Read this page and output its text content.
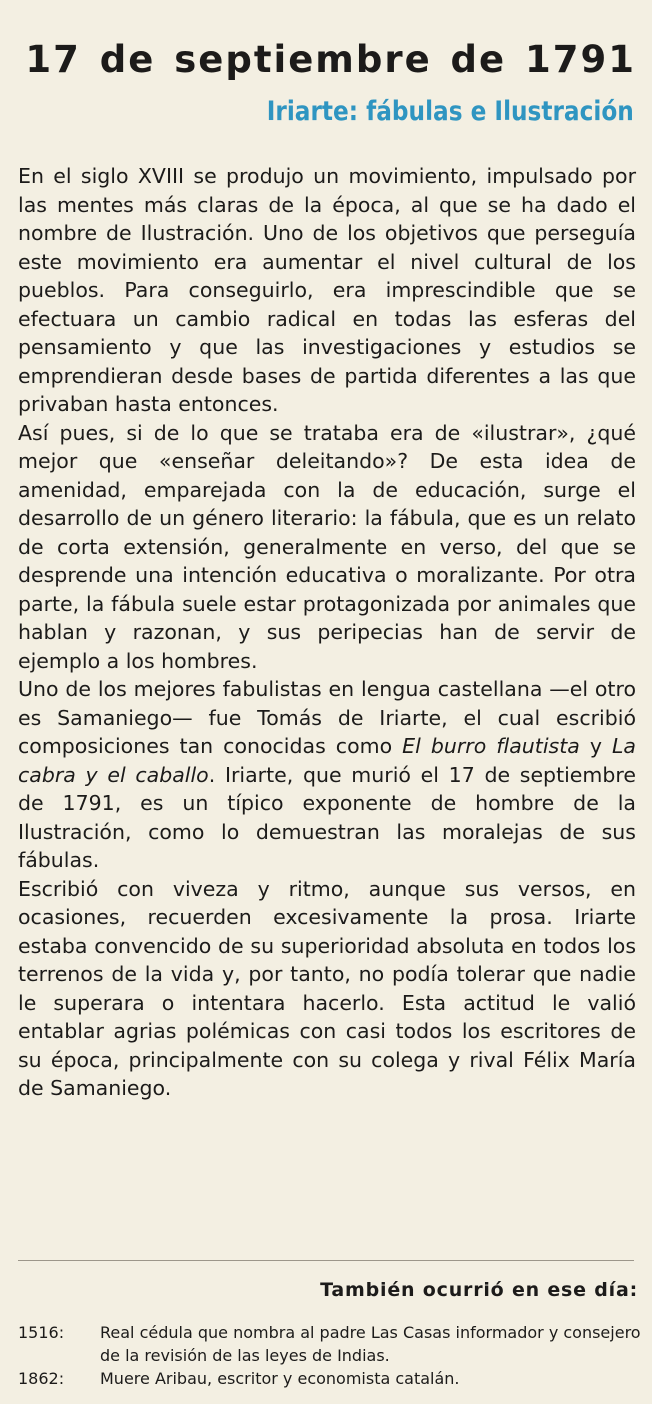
17 de septiembre de 1791
Iriarte: fábulas e Ilustración

En el siglo XVIII se produjo un movimiento, impulsado por las mentes más claras de la época, al que se ha dado el nombre de Ilustración. Uno de los objetivos que perseguía este movimiento era aumentar el nivel cultural de los pueblos. Para conseguirlo, era imprescindible que se efectuara un cambio radical en todas las esferas del pensamiento y que las investigaciones y estudios se emprendieran desde bases de partida diferentes a las que privaban hasta entonces.

Así pues, si de lo que se trataba era de «ilustrar», ¿qué mejor que «enseñar deleitando»? De esta idea de amenidad, emparejada con la de educación, surge el desarrollo de un género literario: la fábula, que es un relato de corta extensión, generalmente en verso, del que se desprende una intención educativa o moralizante. Por otra parte, la fábula suele estar protagonizada por animales que hablan y razonan, y sus peripecias han de servir de ejemplo a los hombres.

Uno de los mejores fabulistas en lengua castellana —el otro es Samaniego— fue Tomás de Iriarte, el cual escribió composiciones tan conocidas como El burro flautista y La cabra y el caballo. Iriarte, que murió el 17 de septiembre de 1791, es un típico exponente de hombre de la Ilustración, como lo demuestran las moralejas de sus fábulas.

Escribió con viveza y ritmo, aunque sus versos, en ocasiones, recuerden excesivamente la prosa. Iriarte estaba convencido de su superioridad absoluta en todos los terrenos de la vida y, por tanto, no podía tolerar que nadie le superara o intentara hacerlo. Esta actitud le valió entablar agrias polémicas con casi todos los escritores de su época, principalmente con su colega y rival Félix María de Samaniego.

También ocurrió en ese día:
1516:	Real cédula que nombra al padre Las Casas informador y consejero de la revisión de las leyes de Indias.
1862:	Muere Aribau, escritor y economista catalán.
